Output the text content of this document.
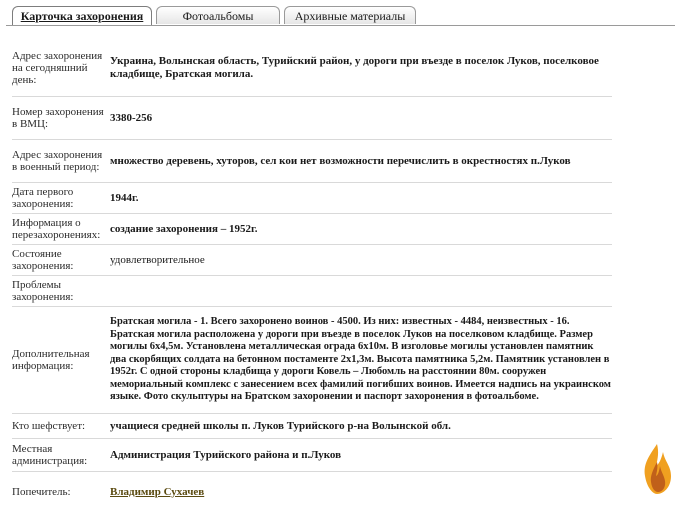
Карточка захоронения	Фотоальбомы	Архивные материалы
Адрес захоронения на сегодняшний день:
Украина, Волынская область, Турийский район, у дороги при въезде в поселок Луков, поселковое кладбище, Братская могила.
Номер захоронения в ВМЦ:
3380-256
Адрес захоронения в военный период:
множество деревень, хуторов, сел кои нет возможности перечислить в окрестностях п.Луков
Дата первого захоронения:
1944г.
Информация о перезахоронениях:
создание захоронения – 1952г.
Состояние захоронения:
удовлетворительное
Проблемы захоронения:
Дополнительная информация:
Братская могила - 1. Всего захоронено воинов - 4500. Из них: известных - 4484, неизвестных - 16. Братская могила расположена у дороги при въезде в поселок Луков на поселковом кладбище. Размер могилы 6х4,5м. Установлена металлическая ограда 6х10м. В изголовье могилы установлен памятник два скорбящих солдата на бетонном постаменте 2х1,3м. Высота памятника 5,2м. Памятник установлен в 1952г. С одной стороны кладбища у дороги Ковель – Любомль на расстоянии 80м. сооружен мемориальный комплекс с занесением всех фамилий погибших воинов. Имеется надпись на украинском языке. Фото скульптуры на Братском захоронении и паспорт захоронения в фотоальбоме.
Кто шефствует:	учащиеся средней школы п. Луков Турийского р-на Волынской обл.
Местная администрация:
Администрация Турийского района и п.Луков
Попечитель:	Владимир Сухачев
